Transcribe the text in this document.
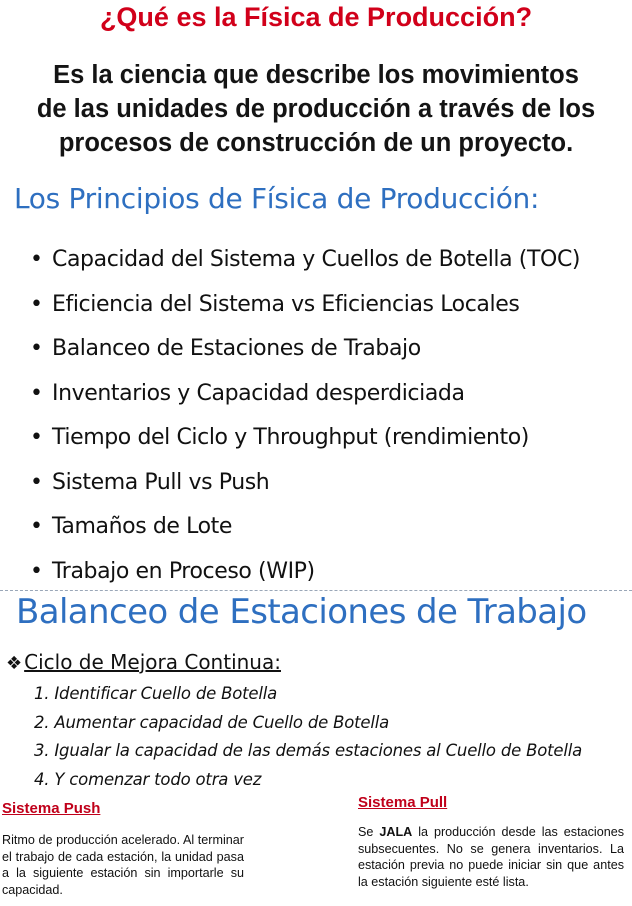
¿Qué es la Física de Producción?
Es la ciencia que describe los movimientos
de las unidades de producción a través de los
procesos de construcción de un proyecto.
Los Principios de Física de Producción:
• Capacidad del Sistema y Cuellos de Botella (TOC)
• Eficiencia del Sistema vs Eficiencias Locales
• Balanceo de Estaciones de Trabajo
• Inventarios y Capacidad desperdiciada
• Tiempo del Ciclo y Throughput (rendimiento)
• Sistema Pull vs Push
• Tamaños de Lote
• Trabajo en Proceso (WIP)
Balanceo de Estaciones de Trabajo
❖ Ciclo de Mejora Continua:
1. Identificar Cuello de Botella
2. Aumentar capacidad de Cuello de Botella
3. Igualar la capacidad de las demás estaciones al Cuello de Botella
4. Y comenzar todo otra vez
Sistema Push
Ritmo de producción acelerado. Al terminar el trabajo de cada estación, la unidad pasa a la siguiente estación sin importarle su capacidad.
Sistema Pull
Se JALA la producción desde las estaciones subsecuentes. No se genera inventarios. La estación previa no puede iniciar sin que antes la estación siguiente esté lista.
